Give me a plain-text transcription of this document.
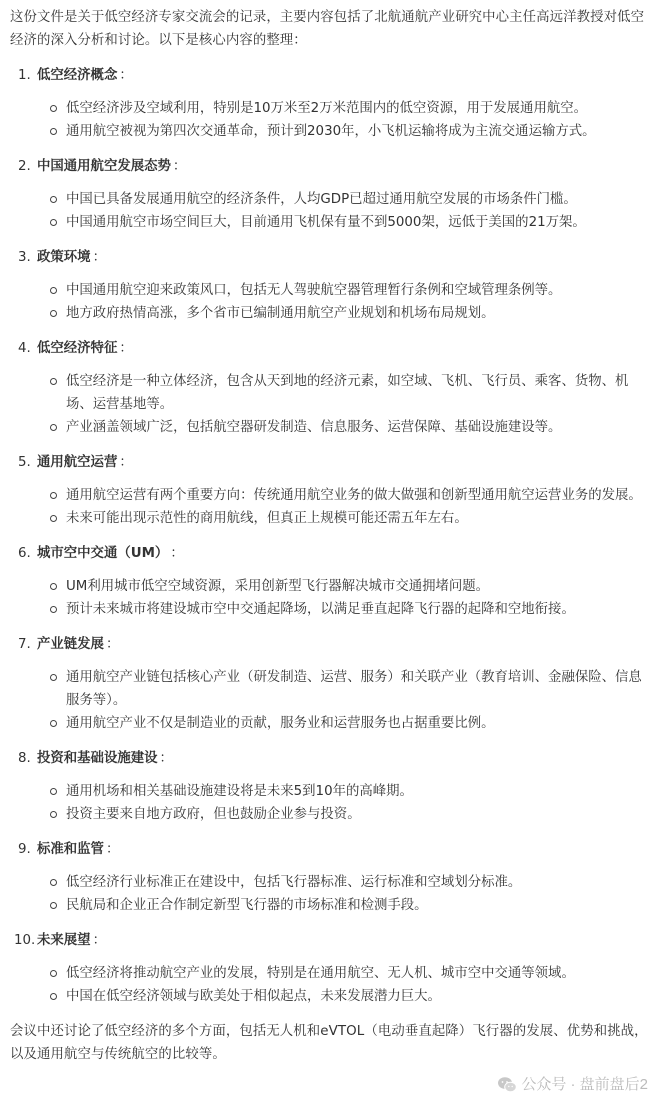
这份文件是关于低空经济专家交流会的记录，主要内容包括了北航通航产业研究中心主任高远洋教授对低空经济的深入分析和讨论。以下是核心内容的整理：

1. 低空经济概念 ：
低空经济涉及空域利用，特别是10万米至2万米范围内的低空资源，用于发展通用航空。
通用航空被视为第四次交通革命，预计到2030年，小飞机运输将成为主流交通运输方式。
2. 中国通用航空发展态势 ：
中国已具备发展通用航空的经济条件，人均GDP已超过通用航空发展的市场条件门槛。
中国通用航空市场空间巨大，目前通用飞机保有量不到5000架，远低于美国的21万架。
3. 政策环境 ：
中国通用航空迎来政策风口，包括无人驾驶航空器管理暂行条例和空域管理条例等。
地方政府热情高涨，多个省市已编制通用航空产业规划和机场布局规划。
4. 低空经济特征 ：
低空经济是一种立体经济，包含从天到地的经济元素，如空域、飞机、飞行员、乘客、货物、机场、运营基地等。
产业涵盖领域广泛，包括航空器研发制造、信息服务、运营保障、基础设施建设等。
5. 通用航空运营 ：
通用航空运营有两个重要方向：传统通用航空业务的做大做强和创新型通用航空运营业务的发展。
未来可能出现示范性的商用航线，但真正上规模可能还需五年左右。
6. 城市空中交通（UM） ：
UM利用城市低空空域资源，采用创新型飞行器解决城市交通拥堵问题。
预计未来城市将建设城市空中交通起降场，以满足垂直起降飞行器的起降和空地衔接。
7. 产业链发展 ：
通用航空产业链包括核心产业（研发制造、运营、服务）和关联产业（教育培训、金融保险、信息服务等）。
通用航空产业不仅是制造业的贡献，服务业和运营服务也占据重要比例。
8. 投资和基础设施建设 ：
通用机场和相关基础设施建设将是未来5到10年的高峰期。
投资主要来自地方政府，但也鼓励企业参与投资。
9. 标准和监管 ：
低空经济行业标准正在建设中，包括飞行器标准、运行标准和空域划分标准。
民航局和企业正合作制定新型飞行器的市场标准和检测手段。
10. 未来展望 ：
低空经济将推动航空产业的发展，特别是在通用航空、无人机、城市空中交通等领域。
中国在低空经济领域与欧美处于相似起点，未来发展潜力巨大。

会议中还讨论了低空经济的多个方面，包括无人机和eVTOL（电动垂直起降）飞行器的发展、优势和挑战，以及通用航空与传统航空的比较等。

公众号 · 盘前盘后2
